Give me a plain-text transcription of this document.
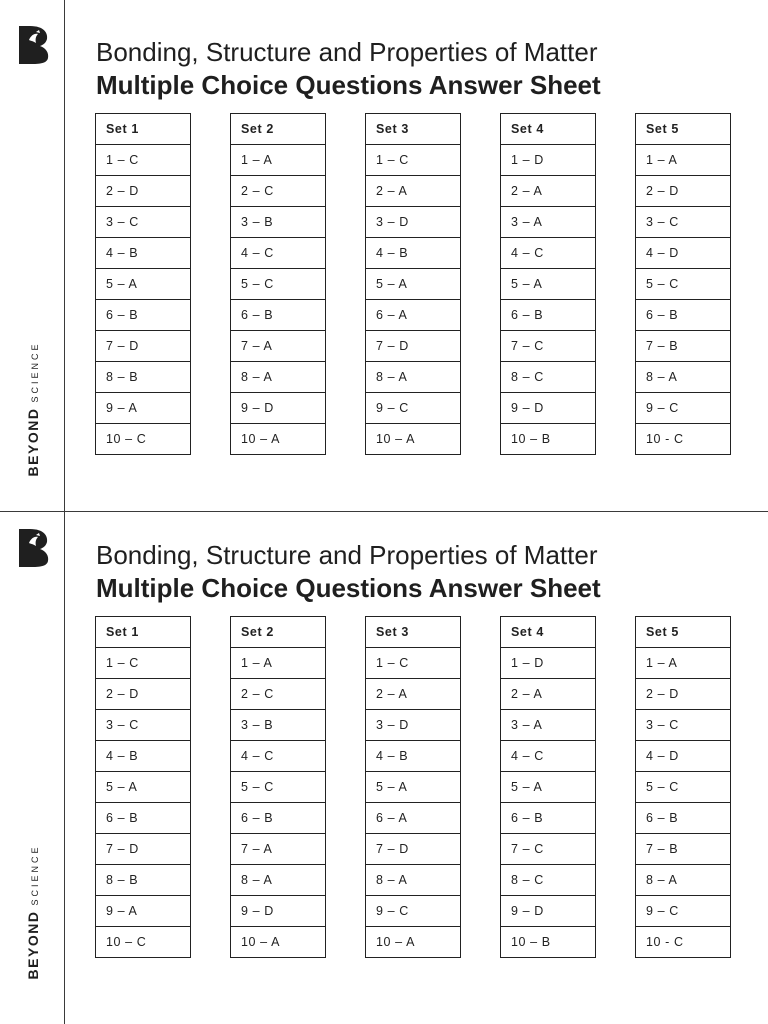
BEYONDSCIENCE
Bonding, Structure and Properties of Matter
Multiple Choice Questions Answer Sheet
Set 1
1 – C
2 – D
3 – C
4 – B
5 – A
6 – B
7 – D
8 – B
9 – A
10 – C
Set 2
1 – A
2 – C
3 – B
4 – C
5 – C
6 – B
7 – A
8 – A
9 – D
10 – A
Set 3
1 – C
2 – A
3 – D
4 – B
5 – A
6 – A
7 – D
8 – A
9 – C
10 – A
Set 4
1 – D
2 – A
3 – A
4 – C
5 – A
6 – B
7 – C
8 – C
9 – D
10 – B
Set 5
1 – A
2 – D
3 – C
4 – D
5 – C
6 – B
7 – B
8 – A
9 – C
10 - C
BEYONDSCIENCE
Bonding, Structure and Properties of Matter
Multiple Choice Questions Answer Sheet
Set 1
1 – C
2 – D
3 – C
4 – B
5 – A
6 – B
7 – D
8 – B
9 – A
10 – C
Set 2
1 – A
2 – C
3 – B
4 – C
5 – C
6 – B
7 – A
8 – A
9 – D
10 – A
Set 3
1 – C
2 – A
3 – D
4 – B
5 – A
6 – A
7 – D
8 – A
9 – C
10 – A
Set 4
1 – D
2 – A
3 – A
4 – C
5 – A
6 – B
7 – C
8 – C
9 – D
10 – B
Set 5
1 – A
2 – D
3 – C
4 – D
5 – C
6 – B
7 – B
8 – A
9 – C
10 - C
